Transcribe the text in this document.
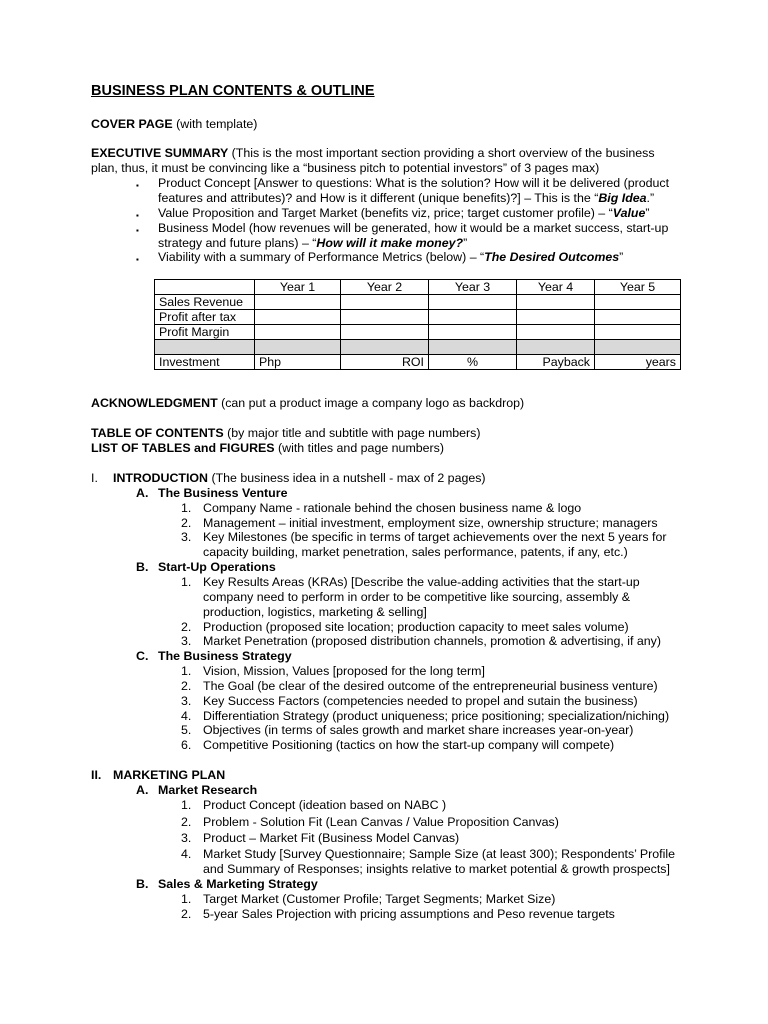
BUSINESS PLAN CONTENTS & OUTLINE
COVER PAGE (with template)
EXECUTIVE SUMMARY (This is the most important section providing a short overview of the business
plan, thus, it must be convincing like a “business pitch to potential investors” of 3 pages max)
▪ Product Concept [Answer to questions: What is the solution? How will it be delivered (product
features and attributes)? and How is it different (unique benefits)?] – This is the “Big Idea.”
▪ Value Proposition and Target Market (benefits viz, price; target customer profile) – “Value”
▪ Business Model (how revenues will be generated, how it would be a market success, start-up
strategy and future plans) – “How will it make money?”
▪ Viability with a summary of Performance Metrics (below) – “The Desired Outcomes”
	Year 1	Year 2	Year 3	Year 4	Year 5
Sales Revenue					
Profit after tax					
Profit Margin					

Investment	Php	ROI	%	Payback	years
ACKNOWLEDGMENT (can put a product image a company logo as backdrop)
TABLE OF CONTENTS (by major title and subtitle with page numbers)
LIST OF TABLES and FIGURES (with titles and page numbers)
I. INTRODUCTION (The business idea in a nutshell - max of 2 pages)
A. The Business Venture
1. Company Name - rationale behind the chosen business name & logo
2. Management – initial investment, employment size, ownership structure; managers
3. Key Milestones (be specific in terms of target achievements over the next 5 years for
capacity building, market penetration, sales performance, patents, if any, etc.)
B. Start-Up Operations
1. Key Results Areas (KRAs) [Describe the value-adding activities that the start-up
company need to perform in order to be competitive like sourcing, assembly &
production, logistics, marketing & selling]
2. Production (proposed site location; production capacity to meet sales volume)
3. Market Penetration (proposed distribution channels, promotion & advertising, if any)
C. The Business Strategy
1. Vision, Mission, Values [proposed for the long term]
2. The Goal (be clear of the desired outcome of the entrepreneurial business venture)
3. Key Success Factors (competencies needed to propel and sutain the business)
4. Differentiation Strategy (product uniqueness; price positioning; specialization/niching)
5. Objectives (in terms of sales growth and market share increases year-on-year)
6. Competitive Positioning (tactics on how the start-up company will compete)
II. MARKETING PLAN
A. Market Research
1. Product Concept (ideation based on NABC )
2. Problem - Solution Fit (Lean Canvas / Value Proposition Canvas)
3. Product – Market Fit (Business Model Canvas)
4. Market Study [Survey Questionnaire; Sample Size (at least 300); Respondents’ Profile
and Summary of Responses; insights relative to market potential & growth prospects]
B. Sales & Marketing Strategy
1. Target Market (Customer Profile; Target Segments; Market Size)
2. 5-year Sales Projection with pricing assumptions and Peso revenue targets
